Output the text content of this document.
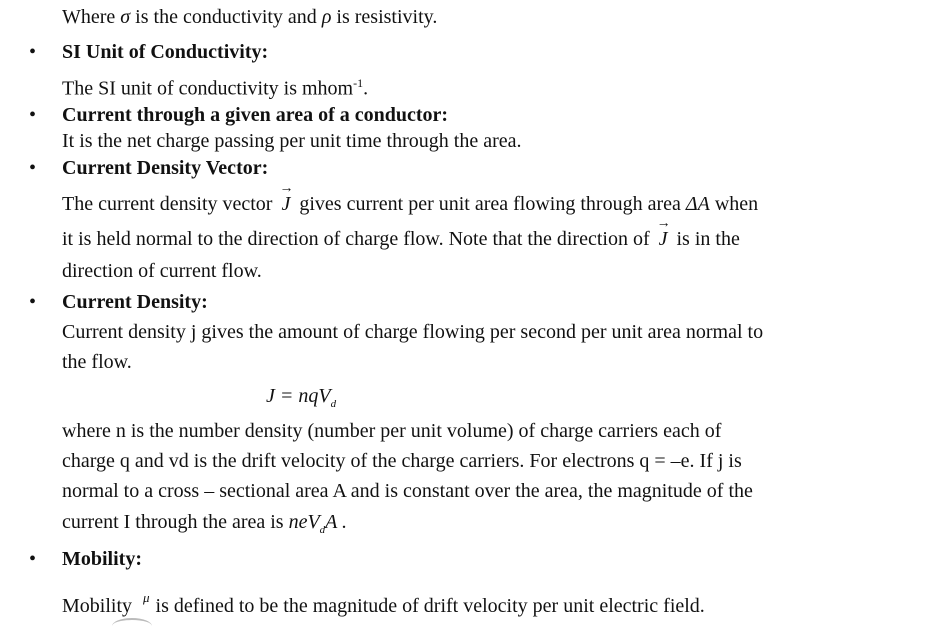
Where σ is the conductivity and ρ is resistivity.
• SI Unit of Conductivity:
The SI unit of conductivity is mhom$^{-1}$.
• Current through a given area of a conductor:
It is the net charge passing per unit time through the area.
• Current Density Vector:
The current density vector → J gives current per unit area flowing through area ΔA when
it is held normal to the direction of charge flow. Note that the direction of → J is in the
direction of current flow.
• Current Density:
Current density j gives the amount of charge flowing per second per unit area normal to
the flow.
J = nqV$_d$
where n is the number density (number per unit volume) of charge carriers each of
charge q and vd is the drift velocity of the charge carriers. For electrons q = –e. If j is
normal to a cross – sectional area A and is constant over the area, the magnitude of the
current I through the area is neV$_d$A .
• Mobility:
Mobility $^\mu$ is defined to be the magnitude of drift velocity per unit electric field.
